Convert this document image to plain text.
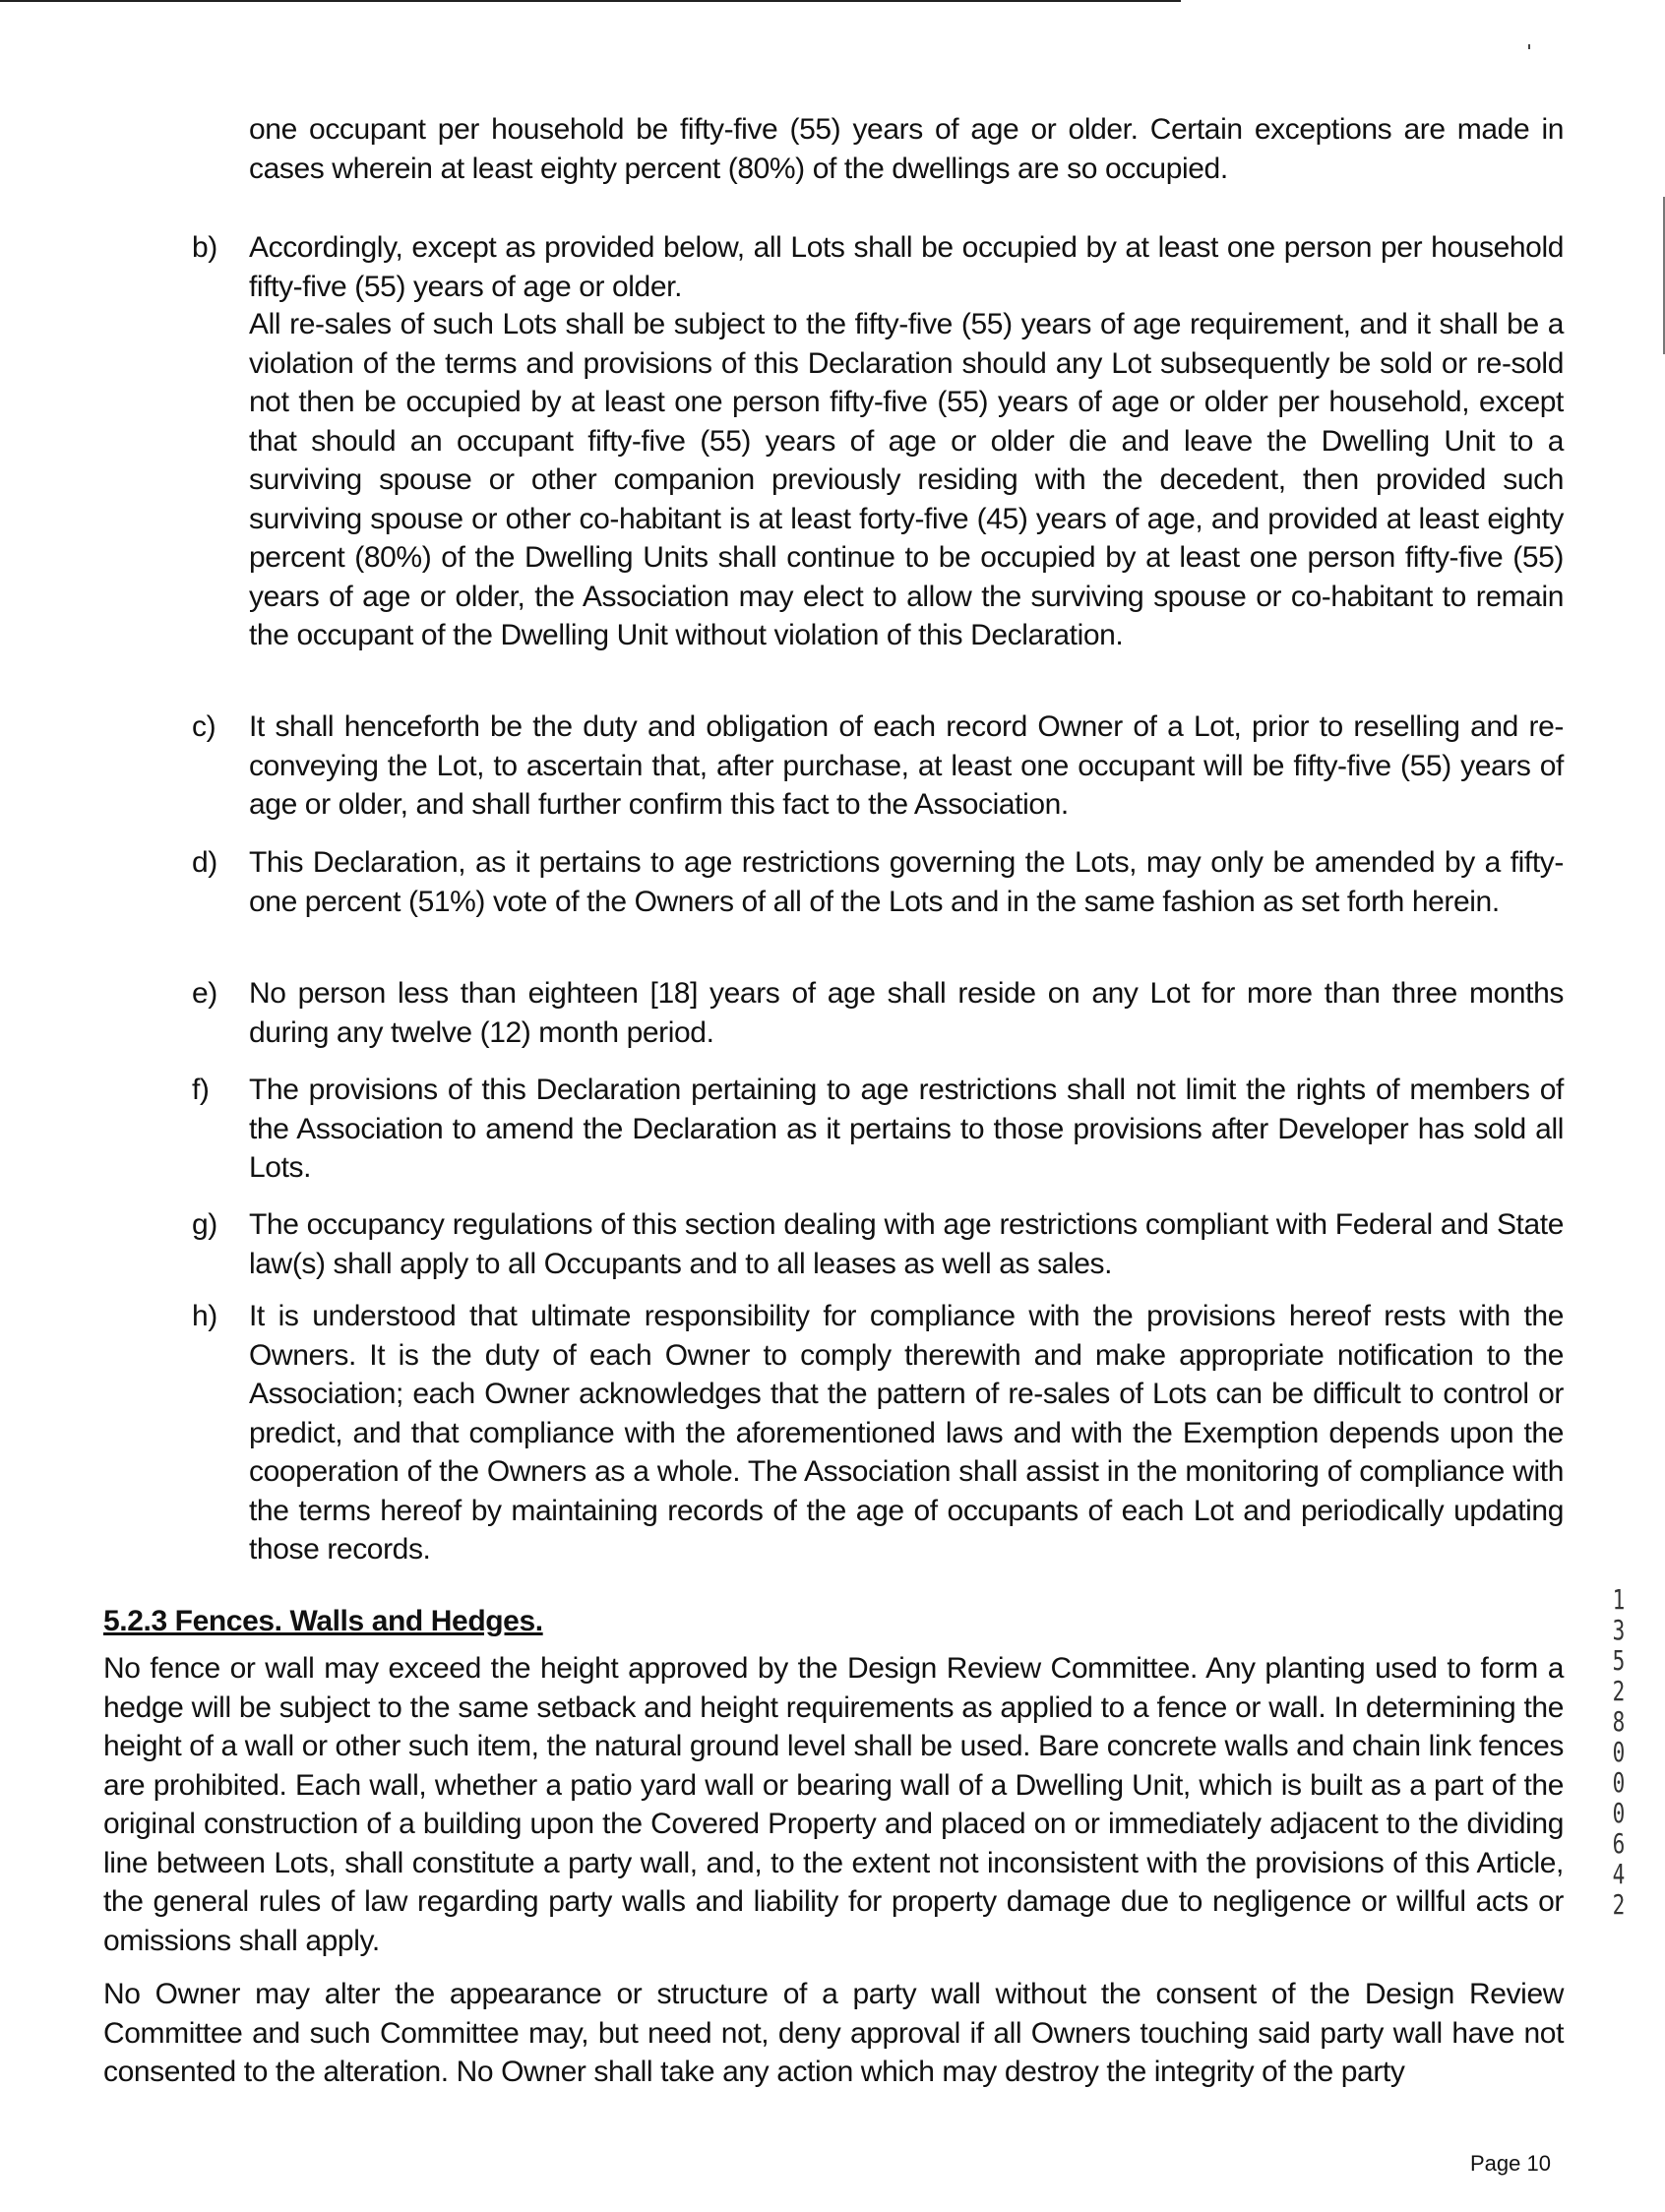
one occupant per household be fifty-five (55) years of age or older. Certain exceptions are made in cases wherein at least eighty percent (80%) of the dwellings are so occupied.

b)	Accordingly, except as provided below, all Lots shall be occupied by at least one person per household fifty-five (55) years of age or older.

All re-sales of such Lots shall be subject to the fifty-five (55) years of age requirement, and it shall be a violation of the terms and provisions of this Declaration should any Lot subsequently be sold or re-sold not then be occupied by at least one person fifty-five (55) years of age or older per household, except that should an occupant fifty-five (55) years of age or older die and leave the Dwelling Unit to a surviving spouse or other companion previously residing with the decedent, then provided such surviving spouse or other co-habitant is at least forty-five (45) years of age, and provided at least eighty percent (80%) of the Dwelling Units shall continue to be occupied by at least one person fifty-five (55) years of age or older, the Association may elect to allow the surviving spouse or co-habitant to remain the occupant of the Dwelling Unit without violation of this Declaration.

c)	It shall henceforth be the duty and obligation of each record Owner of a Lot, prior to reselling and re-conveying the Lot, to ascertain that, after purchase, at least one occupant will be fifty-five (55) years of age or older, and shall further confirm this fact to the Association.

d)	This Declaration, as it pertains to age restrictions governing the Lots, may only be amended by a fifty-one percent (51%) vote of the Owners of all of the Lots and in the same fashion as set forth herein.

e)	No person less than eighteen [18] years of age shall reside on any Lot for more than three months during any twelve (12) month period.

f)	The provisions of this Declaration pertaining to age restrictions shall not limit the rights of members of the Association to amend the Declaration as it pertains to those provisions after Developer has sold all Lots.

g)	The occupancy regulations of this section dealing with age restrictions compliant with Federal and State law(s) shall apply to all Occupants and to all leases as well as sales.

h)	It is understood that ultimate responsibility for compliance with the provisions hereof rests with the Owners. It is the duty of each Owner to comply therewith and make appropriate notification to the Association; each Owner acknowledges that the pattern of re-sales of Lots can be difficult to control or predict, and that compliance with the aforementioned laws and with the Exemption depends upon the cooperation of the Owners as a whole. The Association shall assist in the monitoring of compliance with the terms hereof by maintaining records of the age of occupants of each Lot and periodically updating those records.

5.2.3 Fences. Walls and Hedges.

No fence or wall may exceed the height approved by the Design Review Committee. Any planting used to form a hedge will be subject to the same setback and height requirements as applied to a fence or wall. In determining the height of a wall or other such item, the natural ground level shall be used. Bare concrete walls and chain link fences are prohibited. Each wall, whether a patio yard wall or bearing wall of a Dwelling Unit, which is built as a part of the original construction of a building upon the Covered Property and placed on or immediately adjacent to the dividing line between Lots, shall constitute a party wall, and, to the extent not inconsistent with the provisions of this Article, the general rules of law regarding party walls and liability for property damage due to negligence or willful acts or omissions shall apply.

No Owner may alter the appearance or structure of a party wall without the consent of the Design Review Committee and such Committee may, but need not, deny approval if all Owners touching said party wall have not consented to the alteration. No Owner shall take any action which may destroy the integrity of the party

1 3 5 2 8 0 0 0 6 4 2
Page 10
